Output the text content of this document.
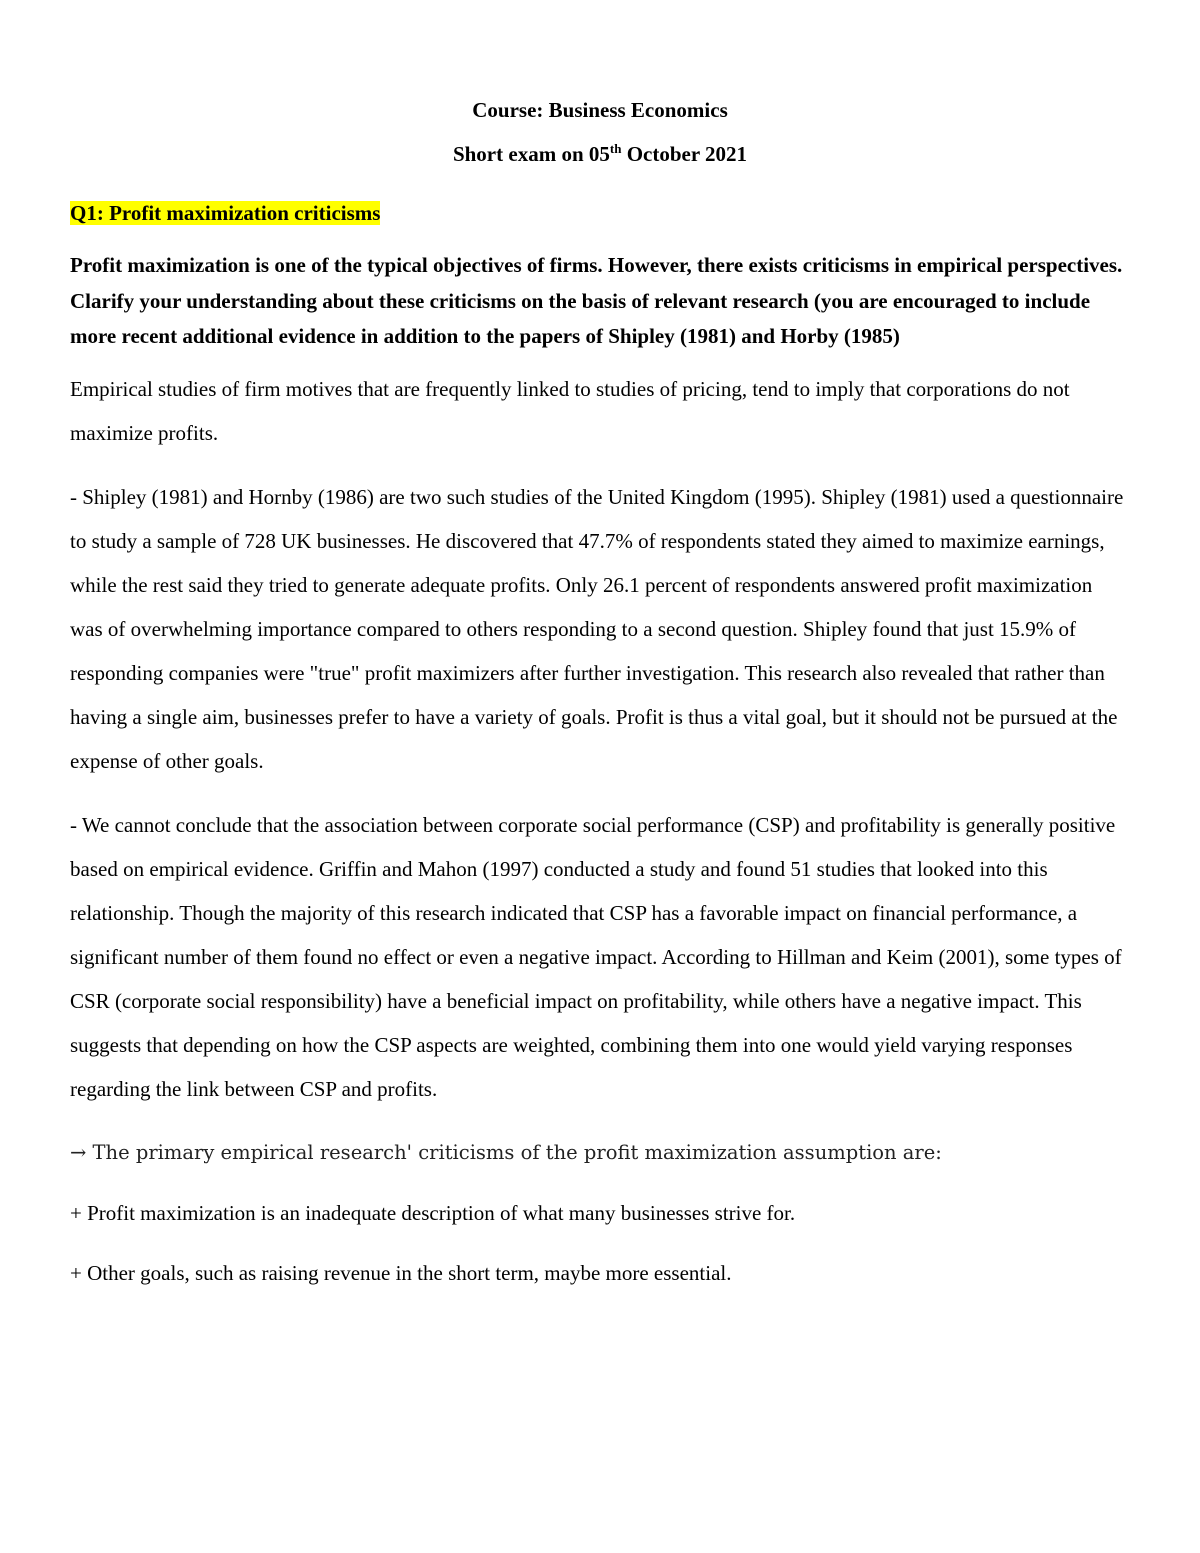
Course: Business Economics

Short exam on 05th October 2021

Q1: Profit maximization criticisms

Profit maximization is one of the typical objectives of firms. However, there exists criticisms in empirical perspectives. Clarify your understanding about these criticisms on the basis of relevant research (you are encouraged to include more recent additional evidence in addition to the papers of Shipley (1981) and Horby (1985)

Empirical studies of firm motives that are frequently linked to studies of pricing, tend to imply that corporations do not maximize profits.

- Shipley (1981) and Hornby (1986) are two such studies of the United Kingdom (1995). Shipley (1981) used a questionnaire to study a sample of 728 UK businesses. He discovered that 47.7% of respondents stated they aimed to maximize earnings, while the rest said they tried to generate adequate profits. Only 26.1 percent of respondents answered profit maximization was of overwhelming importance compared to others responding to a second question. Shipley found that just 15.9% of responding companies were "true" profit maximizers after further investigation. This research also revealed that rather than having a single aim, businesses prefer to have a variety of goals. Profit is thus a vital goal, but it should not be pursued at the expense of other goals.

- We cannot conclude that the association between corporate social performance (CSP) and profitability is generally positive based on empirical evidence. Griffin and Mahon (1997) conducted a study and found 51 studies that looked into this relationship. Though the majority of this research indicated that CSP has a favorable impact on financial performance, a significant number of them found no effect or even a negative impact. According to Hillman and Keim (2001), some types of CSR (corporate social responsibility) have a beneficial impact on profitability, while others have a negative impact. This suggests that depending on how the CSP aspects are weighted, combining them into one would yield varying responses regarding the link between CSP and profits.

→ The primary empirical research' criticisms of the profit maximization assumption are:

+ Profit maximization is an inadequate description of what many businesses strive for.

+ Other goals, such as raising revenue in the short term, maybe more essential.
